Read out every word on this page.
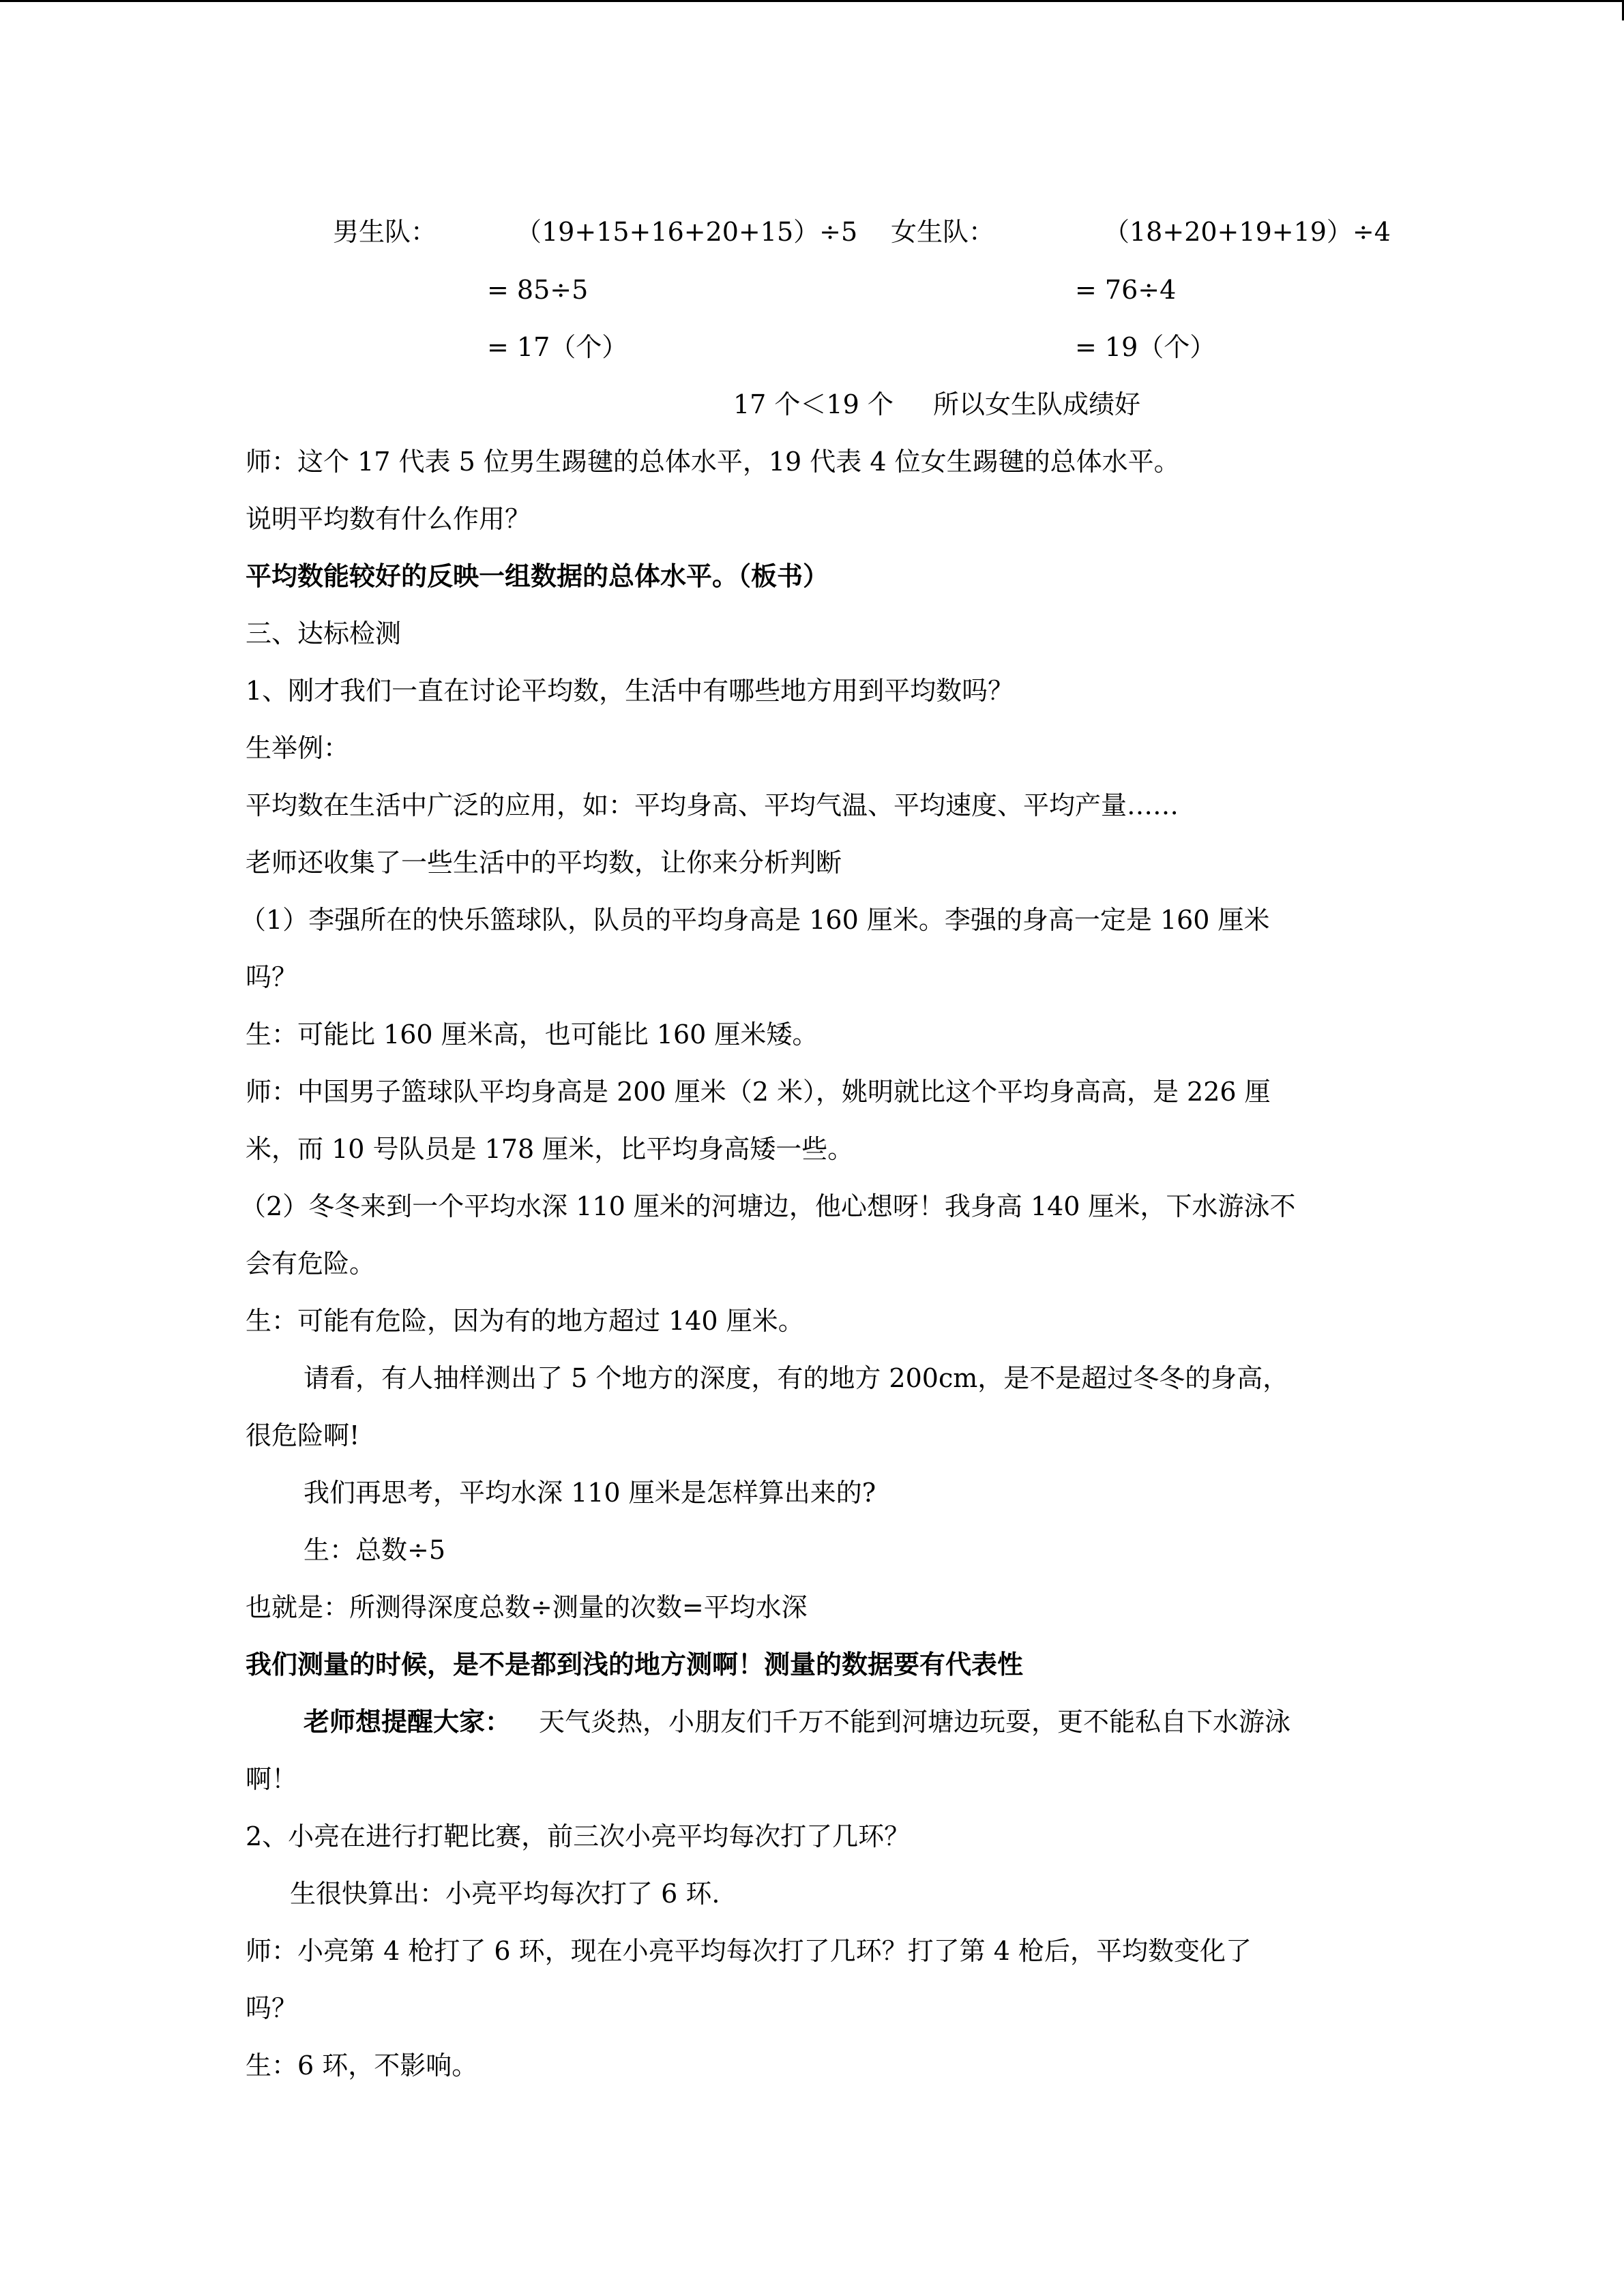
男生队：	（19+15+16+20+15）÷5 女生队：	（18+20+19+19）÷4
= 85÷5	= 76÷4
= 17（个）	= 19（个）
17 个＜19 个 所以女生队成绩好
师：这个 17 代表 5 位男生踢毽的总体水平，19 代表 4 位女生踢毽的总体水平。
说明平均数有什么作用？
平均数能较好的反映一组数据的总体水平。（板书）
三、达标检测
1、刚才我们一直在讨论平均数，生活中有哪些地方用到平均数吗？
生举例：
平均数在生活中广泛的应用，如：平均身高、平均气温、平均速度、平均产量……
老师还收集了一些生活中的平均数，让你来分析判断
（1）李强所在的快乐篮球队，队员的平均身高是 160 厘米。李强的身高一定是 160 厘米
吗？
生：可能比 160 厘米高，也可能比 160 厘米矮。
师：中国男子篮球队平均身高是 200 厘米（2 米），姚明就比这个平均身高高，是 226 厘
米，而 10 号队员是 178 厘米，比平均身高矮一些。
（2）冬冬来到一个平均水深 110 厘米的河塘边，他心想呀！我身高 140 厘米，下水游泳不
会有危险。
生：可能有危险，因为有的地方超过 140 厘米。
请看，有人抽样测出了 5 个地方的深度，有的地方 200cm，是不是超过冬冬的身高，
很危险啊!
我们再思考，平均水深 110 厘米是怎样算出来的?
生：总数÷5
也就是：所测得深度总数÷测量的次数=平均水深
我们测量的时候，是不是都到浅的地方测啊！测量的数据要有代表性
老师想提醒大家： 天气炎热，小朋友们千万不能到河塘边玩耍，更不能私自下水游泳
啊！
2、小亮在进行打靶比赛，前三次小亮平均每次打了几环？
生很快算出：小亮平均每次打了 6 环.
师：小亮第 4 枪打了 6 环，现在小亮平均每次打了几环？打了第 4 枪后，平均数变化了
吗？
生：6 环，不影响。
